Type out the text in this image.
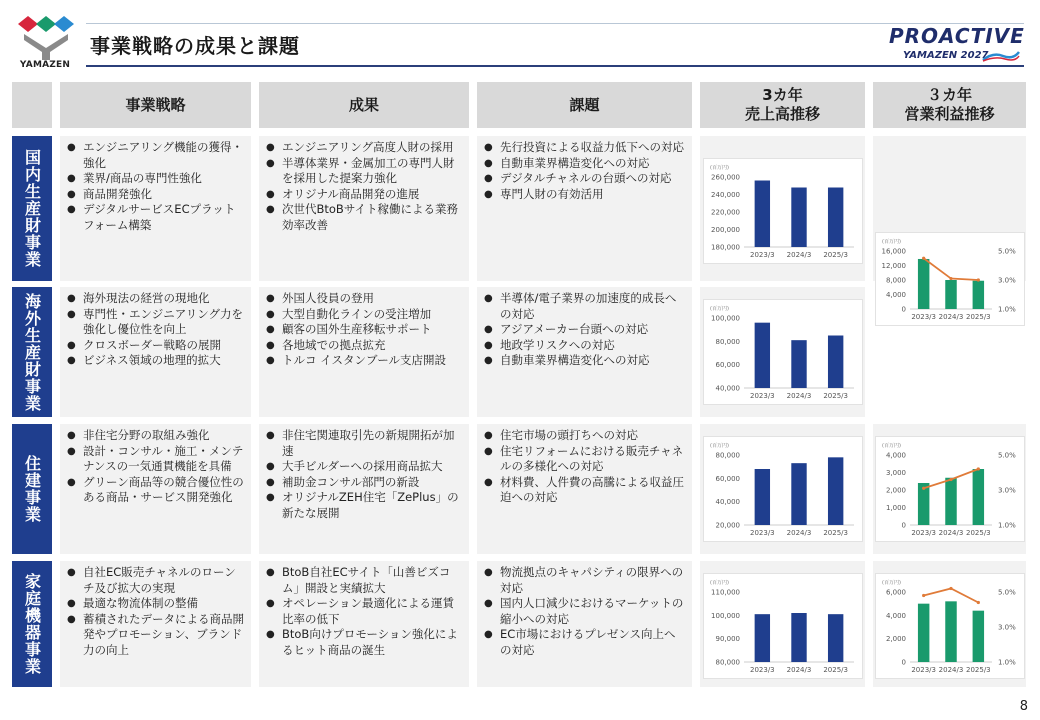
YAMAZEN
事業戦略の成果と課題	PROACTIVE
YAMAZEN 2027
事業戦略	成果	課題
3カ年
売上高推移
３カ年
営業利益推移
国内生産財事業
● エンジニアリング機能の獲得・強化
● 業界/商品の専門性強化
● 商品開発強化
● デジタルサービスECプラットフォーム構築
● エンジニアリング高度人財の採用
● 半導体業界・金属加工の専門人財を採用した提案力強化
● オリジナル商品開発の進展
● 次世代BtoBサイト稼働による業務効率改善
● 先行投資による収益力低下への対応
● 自動車業界構造変化への対応
● デジタルチャネルの台頭への対応
● 専門人財の有効活用
(百万円)
260,000
240,000
220,000
200,000
180,000
2023/3 2024/3 2025/3
(百万円)
16,000
12,000
8,000
4,000
0
2023/3 2024/3 2025/3
5.0%
3.0%
1.0%
海外生産財事業
●	海外現法の経営の現地化
● 専門性・エンジニアリング力を強化し優位性を向上
● クロスボーダー戦略の展開
● ビジネス領域の地理的拡大
● 外国人役員の登用
● 大型自動化ラインの受注増加
● 顧客の国外生産移転サポート
● 各地域での拠点拡充
● トルコ イスタンブール支店開設
● 半導体/電子業界の加速度的成長への対応
● アジアメーカー台頭への対応
● 地政学リスクへの対応
● 自動車業界構造変化への対応
(百万円)
100,000
80,000
60,000
40,000
2023/3 2024/3 2025/3
住建事業
● 非住宅分野の取組み強化
● 設計・コンサル・施工・メンテナンスの一気通貫機能を具備
● グリーン商品等の競合優位性のある商品・サービス開発強化
● 非住宅関連取引先の新規開拓が加速
● 大手ビルダーへの採用商品拡大
● 補助金コンサル部門の新設
● オリジナルZEH住宅「ZePlus」の新たな展開
● 住宅市場の頭打ちへの対応
● 住宅リフォームにおける販売チャネルの多様化への対応
● 材料費、人件費の高騰による収益圧迫への対応
(百万円)
80,000
60,000
40,000
20,000
2023/3 2024/3 2025/3
(百万円)
4,000
3,000
2,000
1,000
0
2023/3 2024/3 2025/3
5.0%
3.0%
1.0%
家庭機器事業
● 自社EC販売チャネルのローンチ及び拡大の実現
● 最適な物流体制の整備
● 蓄積されたデータによる商品開発やプロモーション、ブランド力の向上
● BtoB自社ECサイト「山善ビズコム」開設と実績拡大
● オペレーション最適化による運賃比率の低下
● BtoB向けプロモーション強化によるヒット商品の誕生
● 物流拠点のキャパシティの限界への対応
● 国内人口減少におけるマーケットの縮小への対応
● EC市場におけるプレゼンス向上への対応
(百万円)
110,000
100,000
90,000
80,000
2023/3 2024/3 2025/3
(百万円)
6,000
4,000
2,000
0
2023/3 2024/3 2025/3
5.0%
3.0%
1.0%
8
